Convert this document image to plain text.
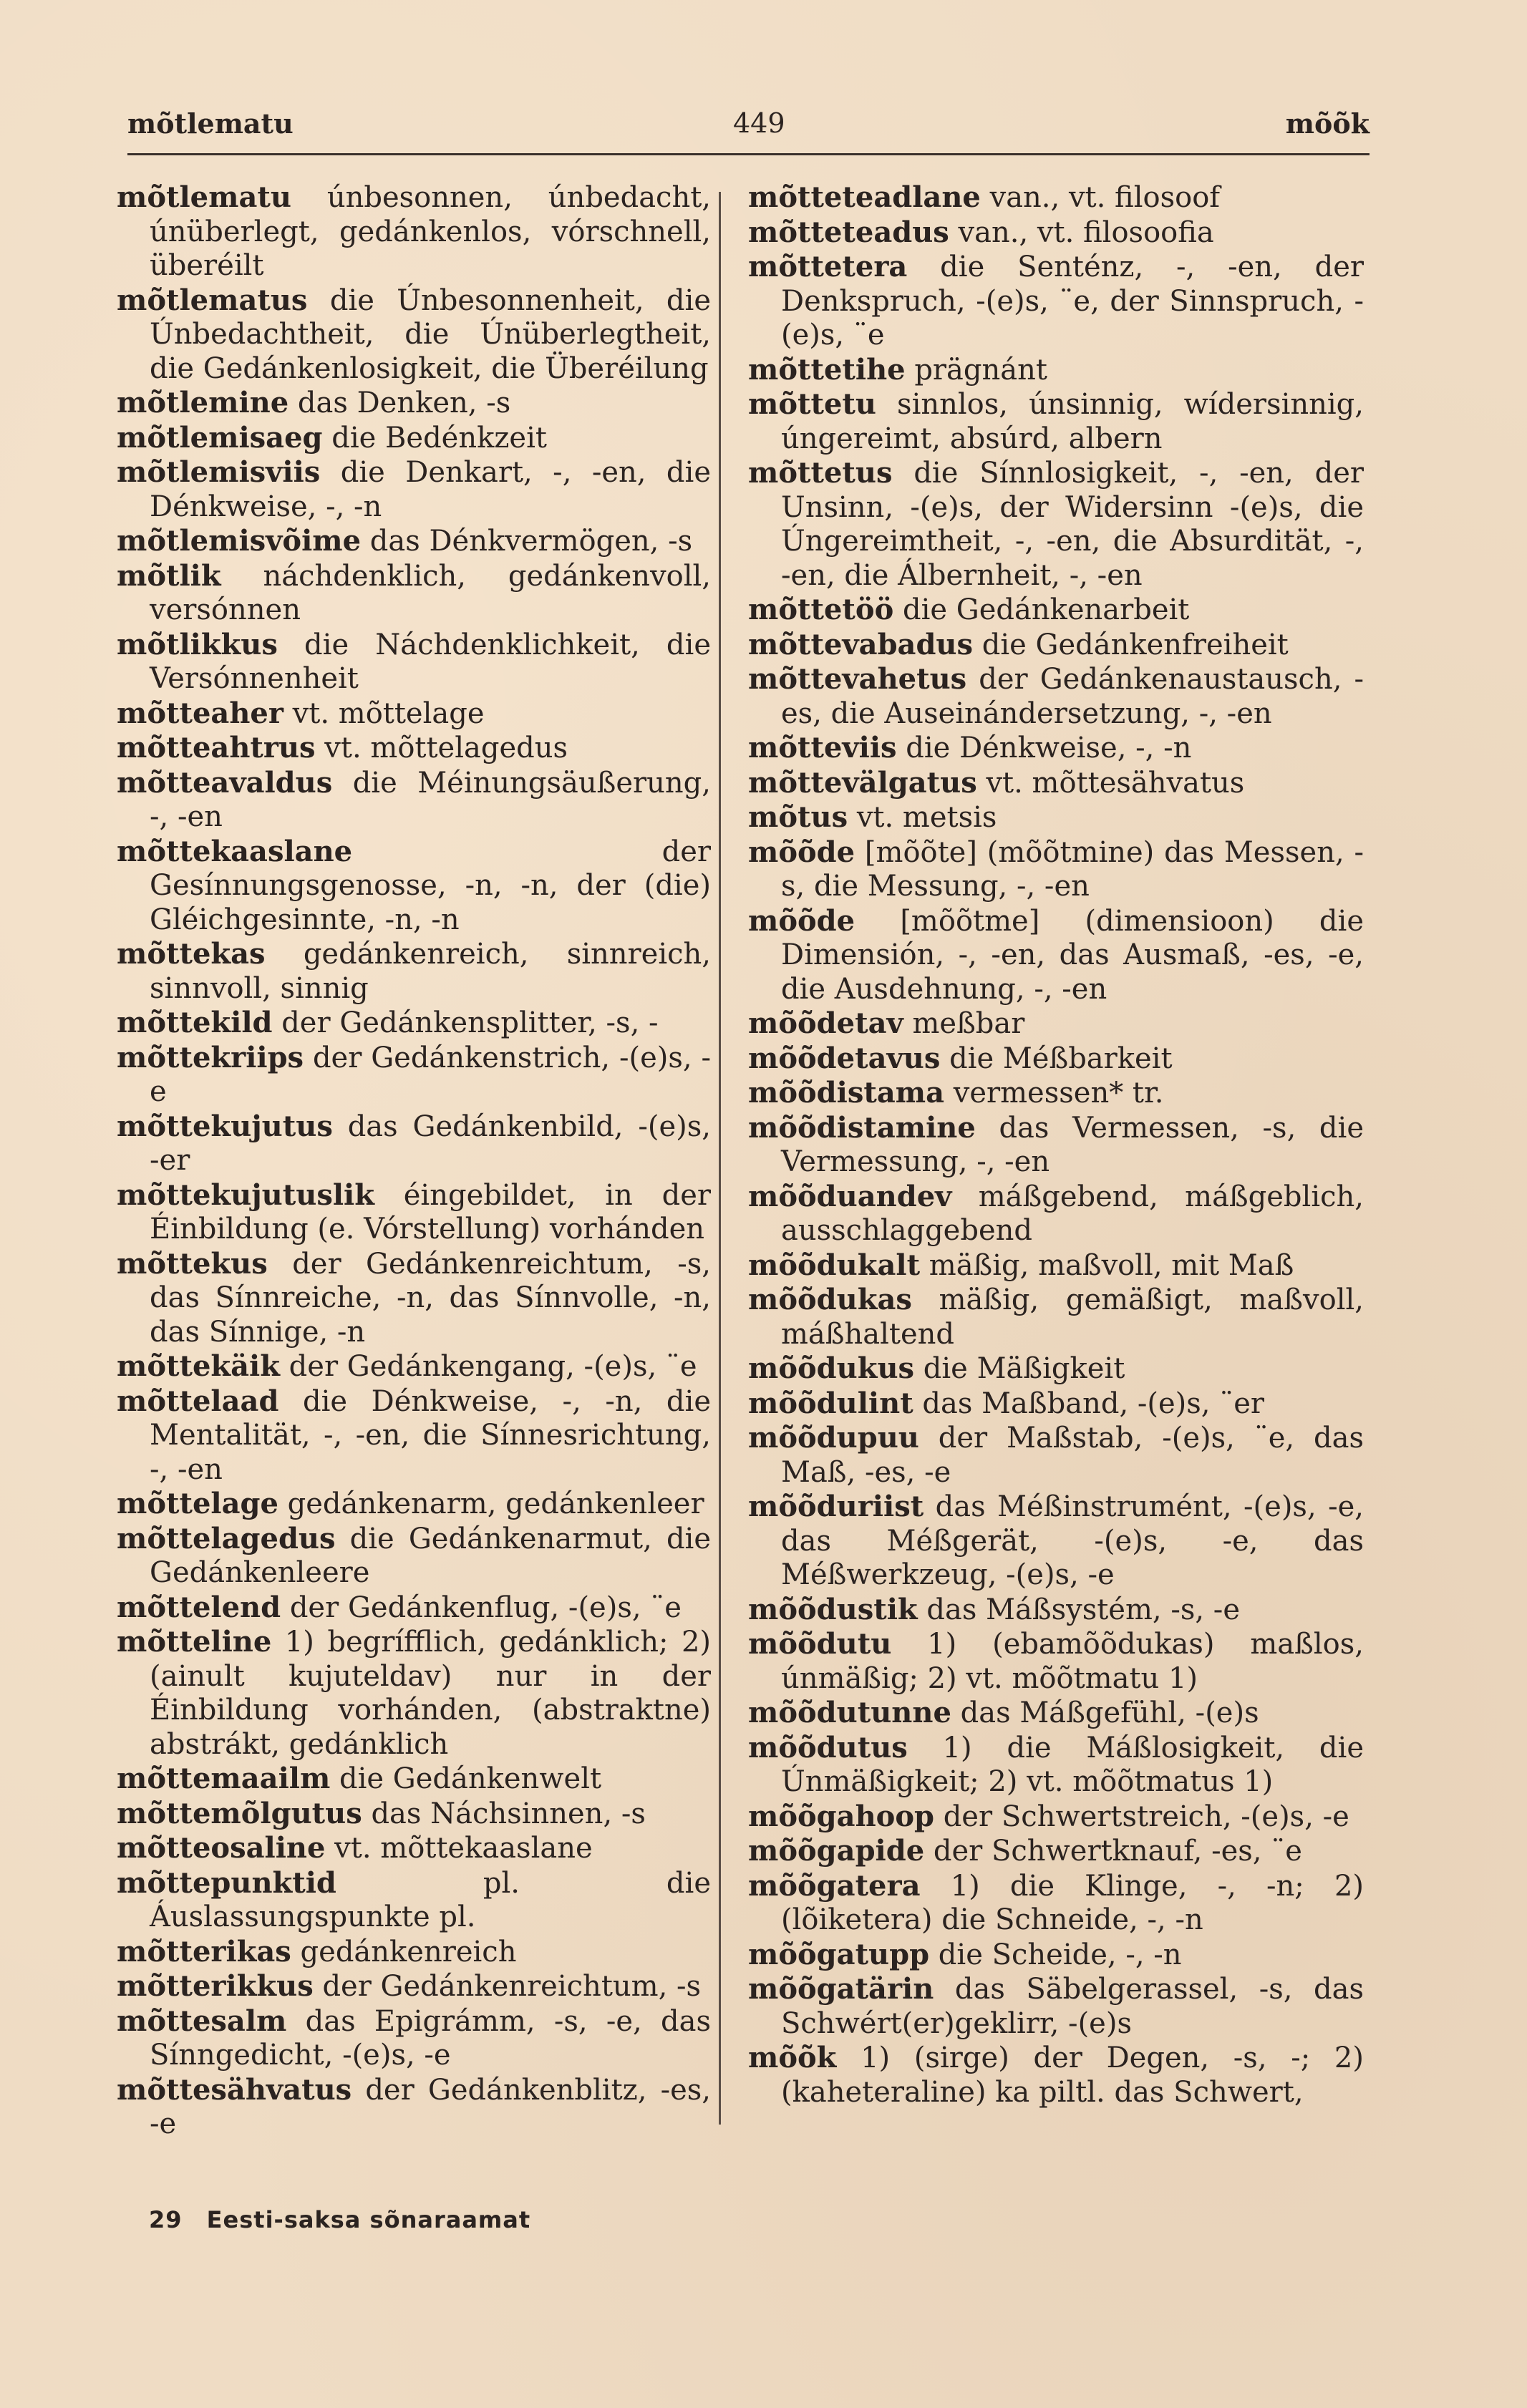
mõtlematu	449	mõõk
mõtlematu únbesonnen, únbedacht, únüberlegt, gedánkenlos, vórschnell, überéilt
mõtlematus die Únbesonnenheit, die Únbedachtheit, die Únüberlegtheit, die Gedánkenlosigkeit, die Überéilung
mõtlemine das Denken, -s
mõtlemisaeg die Bedénkzeit
mõtlemisviis die Denkart, -, -en, die Dénkweise, -, -n
mõtlemisvõime das Dénkvermögen, -s
mõtlik náchdenklich, gedánkenvoll, versónnen
mõtlikkus die Náchdenklichkeit, die Versónnenheit
mõtteaher vt. mõttelage
mõtteahtrus vt. mõttelagedus
mõtteavaldus die Méinungsäußerung, -, -en
mõttekaaslane	der Gesínnungsgenosse, -n, -n, der (die) Gléichgesinnte, -n, -n
mõttekas gedánkenreich, sinnreich, sinnvoll, sinnig
mõttekild der Gedánkensplitter, -s, -
mõttekriips der Gedánkenstrich, -(e)s, -e
mõttekujutus das Gedánkenbild, -(e)s, -er
mõttekujutuslik éingebildet, in der Éinbildung (e. Vórstellung) vorhánden
mõttekus der Gedánkenreichtum, -s, das Sínnreiche, -n, das Sínnvolle, -n, das Sínnige, -n
mõttekäik der Gedánkengang, -(e)s, ¨e
mõttelaad die Dénkweise, -, -n, die Mentalität, -, -en, die Sínnesrichtung, -, -en
mõttelage gedánkenarm, gedánkenleer
mõttelagedus die Gedánkenarmut, die Gedánkenleere
mõttelend der Gedánkenflug, -(e)s, ¨e
mõtteline 1) begrífflich, gedánklich; 2) (ainult kujuteldav) nur in der Éinbildung vorhánden, (abstraktne) abstrákt, gedánklich
mõttemaailm die Gedánkenwelt
mõttemõlgutus das Náchsinnen, -s
mõtteosaline vt. mõttekaaslane
mõttepunktid	pl. die Áuslassungspunkte pl.
mõtterikas gedánkenreich
mõtterikkus der Gedánkenreichtum, -s
mõttesalm das Epigrámm, -s, -e, das Sínngedicht, -(e)s, -e
mõttesähvatus der Gedánkenblitz, -es, -e
mõtteteadlane van., vt. filosoof
mõtteteadus van., vt. filosoofia
mõttetera die Sentén​z, -, -en, der Denkspruch, -(e)s, ¨e, der Sinnspruch, -(e)s, ¨e
mõttetihe prägnánt
mõttetu sinnlos, únsinnig, wídersinnig, úngereimt, absúrd, albern
mõttetus die Sínnlosigkeit, -, -en, der Unsinn, -(e)s, der Widersinn -(e)s, die Úngereimtheit, -, -en, die Absurdität, -, -en, die Álbernheit, -, -en
mõttetöö die Gedánkenarbeit
mõttevabadus die Gedánkenfreiheit
mõttevahetus der Gedánkenaustausch, -es, die Auseinándersetzung, -, -en
mõtteviis die Dénkweise, -, -n
mõttevälgatus vt. mõttesähvatus
mõtus vt. metsis
mõõde [mõõte] (mõõtmine) das Messen, -s, die Messung, -, -en
mõõde [mõõtme] (dimensioon) die Dimensión, -, -en, das Ausmaß, -es, -e, die Ausdehnung, -, -en
mõõdetav meßbar
mõõdetavus die Méßbarkeit
mõõdistama vermessen* tr.
mõõdistamine das Vermessen, -s, die Vermessung, -, -en
mõõduandev máßgebend, máßgeblich, ausschlaggebend
mõõdukalt mäßig, maßvoll, mit Maß
mõõdukas mäßig, gemäßigt, maßvoll, máßhaltend
mõõdukus die Mäßigkeit
mõõdulint das Maßband, -(e)s, ¨er
mõõdupuu der Maßstab, -(e)s, ¨e, das Maß, -es, -e
mõõduriist das Méßinstrumént, -(e)s, -e, das Méßgerät, -(e)s, -e, das Méßwerkzeug, -(e)s, -e
mõõdustik das Máßsystém, -s, -e
mõõdutu 1) (ebamõõdukas) maßlos, únmäßig; 2) vt. mõõtmatu 1)
mõõdutunne das Máßgefühl, -(e)s
mõõdutus 1) die Máßlosigkeit, die Únmäßigkeit; 2) vt. mõõtmatus 1)
mõõgahoop der Schwertstreich, -(e)s, -e
mõõgapide der Schwertknauf, -es, ¨e
mõõgatera 1) die Klinge, -, -n; 2) (lõiketera) die Schneide, -, -n
mõõgatupp die Scheide, -, -n
mõõgatärin das Säbelgerassel, -s, das Schwért(er)geklirr, -(e)s
mõõk 1) (sirge) der Degen, -s, -; 2) (kaheteraline) ka piltl. das Schwert,
29 Eesti-saksa sõnaraamat
